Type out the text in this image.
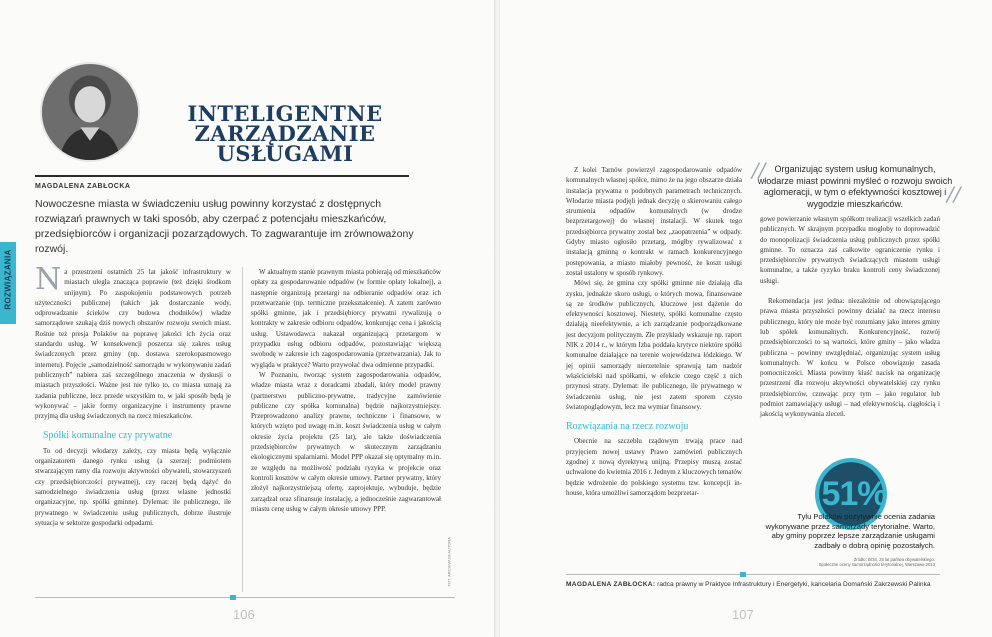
INTELIGENTNE
ZARZĄDZANIE
USŁUGAMI
MAGDALENA ZABŁOCKA
Nowoczesne miasta w świadczeniu usług powinny korzystać z dostępnych rozwiązań prawnych w taki sposób, aby czerpać z potencjału mieszkańców, przedsiębiorców i organizacji pozarządowych. To zagwarantuje im zrównoważony rozwój.
ROZWIĄZANIA Na przestrzeni ostatnich 25 lat jakość infrastruktury w miastach uległa znacząca poprawie (też dzięki środkom unijnym). Po zaspokojeniu podstawowych potrzeb użyteczności publicznej (takich jak dostarczanie wody, odprowadzanie ścieków czy budowa chodników) władze samorządowe szukają dziś nowych obszarów rozwoju swoich miast. Rośnie też presja Polaków na poprawę jakości ich życia oraz standardu usług. W konsekwencji poszerza się zakres usług świadczonych przez gminy (np. dostawa szerokopasmowego internetu). Pojęcie „samodzielność samorządu w wykonywaniu zadań publicznych” nabiera zaś szczególnego znaczenia w dyskusji o miastach przyszłości. Ważne jest nie tylko to, co miasta uznają za zadania publiczne, lecz przede wszystkim to, w jaki sposób będą je wykonywać – jakie formy organizacyjne i instrumenty prawne przyjmą dla usług świadczonych na rzecz mieszkańców.

Spółki komunalne czy prywatne

To od decyzji włodarzy zależy, czy miasta będą wyłącznie organizatorem danego rynku usług (a szerzej: podmiotem stwarzającym ramy dla rozwoju aktywności obywateli, stowarzyszeń czy przedsiębiorczości prywatnej), czy raczej będą dążyć do samodzielnego świadczenia usług (przez własne jednostki organizacyjne, np. spółki gminne). Dylemat: ile publicznego, ile prywatnego w świadczeniu usług publicznych, dobrze ilustruje sytuacja w sektorze gospodarki odpadami.

W aktualnym stanie prawnym miasta pobierają od mieszkańców opłaty za gospodarowanie odpadów (w formie opłaty lokalnej), a następnie organizują przetargi na odbieranie odpadów oraz ich przetwarzanie (np. termiczne przekształcenie). A zatem zarówno spółki gminne, jak i przedsiębiorcy prywatni rywalizują o kontrakty w zakresie odbioru odpadów, konkurując cena i jakością usług. Ustawodawca nakazał organizującą przetargom w przypadku usług odbioru odpadów, pozostawiając większą swobodę w zakresie ich zagospodarowania (przetwarzania). Jak to wygląda w praktyce? Warto przywołać dwa odmienne przypadki.

W Poznaniu, tworząc system zagospodarowania odpadów, władze miasta wraz z doradcami zbadali, który model prawny (partnerstwo publiczno-prywatne, tradycyjne zamówienie publiczne czy spółka komunalna) będzie najkorzystniejszy. Przeprowadzono analizy prawne, techniczne i finansowe, w których wzięto pod uwagę m.in. koszt świadczenia usług w całym okresie życia projektu (25 lat), ale także doświadczenia przedsiębiorców prywatnych w skutecznym zarządzaniu ekologicznymi spalarniami. Model PPP okazał się optymalny m.in. ze względu na możliwość podziału ryzyka w projekcie oraz kontroli kosztów w całym okresie umowy. Partner prywatny, który złożył najkorzystniejszą ofertę, zaprojektuje, wybuduje, będzie zarządzał oraz sfinansuje instalację, a jednocześnie zagwarantował miastu cenę usług w całym okresie umowy PPP.

FOT. ARCHIWUM AUTORA
106

Z kolei Tarnów powierzył zagospodarowanie odpadów komunalnych własnej spółce, mimo że na jego obszarze działa instalacja prywatna o podobnych parametrach technicznych. Włodarze miasta podjęli jednak decyzję o skierowaniu całego strumienia odpadów komunalnych (w drodze bezprzetargowej) do własnej instalacji. W skutek tego przedsiębiorca prywatny został bez „zaopatrzenia” w odpady. Gdyby miasto ogłosiło przetarg, mógłby rywalizować z instalacją gminną o kontrakt w ramach konkurencyjnego postępowania, a miasto miałoby pewność, że koszt usługi został ustalony w sposób rynkowy.

Mówi się, że gmina czy spółki gminne nie działają dla zysku, jednakże skoro usługi, o których mowa, finansowane są ze środków publicznych, kluczowe jest dążenie do efektywności kosztowej. Niestety, spółki komunalne często działają nieefektywnie, a ich zarządzanie podporządkowane jest decyzjom politycznym. Złe przykłady wskazuje np. raport NIK z 2014 r., w którym Izba poddała krytyce niektóre spółki komunalne działające na terenie województwa łódzkiego. W jej opinii samorządy nierzetelnie sprawują tam nadzór właścicielski nad spółkami, w efekcie czego część z nich przynosi straty. Dylemat: ile publicznego, ile prywatnego w świadczeniu usług, nie jest zatem sporem czysto światopoglądowym, lecz ma wymiar finansowy.

Rozwiązania na rzecz rozwoju

Obecnie na szczeblu rządowym trwają prace nad przyjęciem nowej ustawy Prawo zamówień publicznych zgodnej z nową dyrektywą unijną. Przepisy muszą zostać uchwalone do kwietnia 2016 r. Jednym z kluczowych tematów będzie wdrożenie do polskiego systemu tzw. koncepcji in-house, która umożliwi samorządom bezprzetar-

// Organizując system usług komunalnych, włodarze miast powinni myśleć o rozwoju swoich aglomeracji, w tym o efektywności kosztowej i wygodzie mieszkańców.	//

gowe powierzanie własnym spółkom realizacji wszelkich zadań publicznych. W skrajnym przypadku mogłoby to doprowadzić do monopolizacji świadczenia usług publicznych przez spółki gminne. To oznacza zaś całkowite ograniczenie rynku i przedsiębiorców prywatnych świadczących miastom usługi komunalne, a także ryzyko braku kontroli ceny świadczonej usługi.

Rekomendacja jest jedna: niezależnie od obowiązującego prawa miasta przyszłości powinny działać na rzecz interesu publicznego, który nie może być rozumiany jako interes gminy lub spółek komunalnych. Konkurencyjność, rozwój przedsiębiorczości to są wartości, które gminy – jako władza publiczna – powinny uwzględniać, organizując system usług komunalnych. W końcu w Polsce obowiązuje zasada pomocniczości. Miasta powinny kłaść nacisk na organizację przestrzeni dla rozwoju aktywności obywatelskiej czy rynku przedsiębiorców, czuwając przy tym – jako regulator lub podmiot zamawiający usługi – nad efektywnością, ciągłością i jakością wykonywania zleceń.

51%
Tylu Polaków pozytywnie ocenia zadania wykonywane przez samorządy terytorialne. Warto, aby gminy poprzez lepsze zarządzanie usługami zadbały o dobrą opinię pozostałych.
Źródło: BOS, 25 lat pańtwa obywatelskiego.
Społeczne oceny samorządności terytorialnej, Warszawa 2013
MAGDALENA ZABŁOCKA: radca prawny w Praktyce Infrastruktury i Energetyki, kancelaria Domański Zakrzewski Palinka
107
